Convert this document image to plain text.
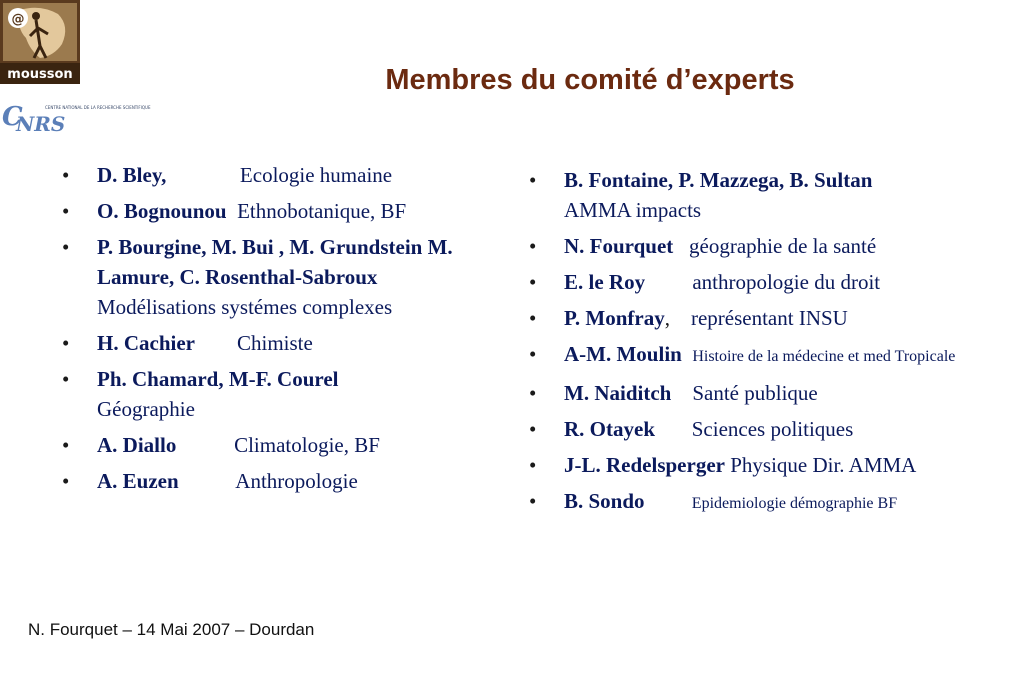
@
mousson
C
NRS
CENTRE NATIONAL DE LA RECHERCHE SCIENTIFIQUE
Membres du comité d’experts
• D. Bley,	Ecologie humaine
• O. Bognounou Ethnobotanique, BF
• P. Bourgine, M. Bui , M. Grundstein M. Lamure, C. Rosenthal-Sabroux
Modélisations systémes complexes
• H. Cachier Chimiste
• Ph. Chamard, M-F. Courel
Géographie
• A. Diallo	Climatologie, BF
• A. Euzen	Anthropologie
• B. Fontaine, P. Mazzega, B. Sultan
AMMA impacts
• N. Fourquet géographie de la santé
• E. le Roy anthropologie du droit
• P. Monfray,    représentant INSU
• A-M. Moulin Histoire de la médecine et med Tropicale
• M. Naiditch Santé publique
• R. Otayek Sciences politiques
• J-L. Redelsperger Physique Dir. AMMA
• B. Sondo	Epidemiologie démographie BF
N. Fourquet – 14 Mai 2007 – Dourdan
